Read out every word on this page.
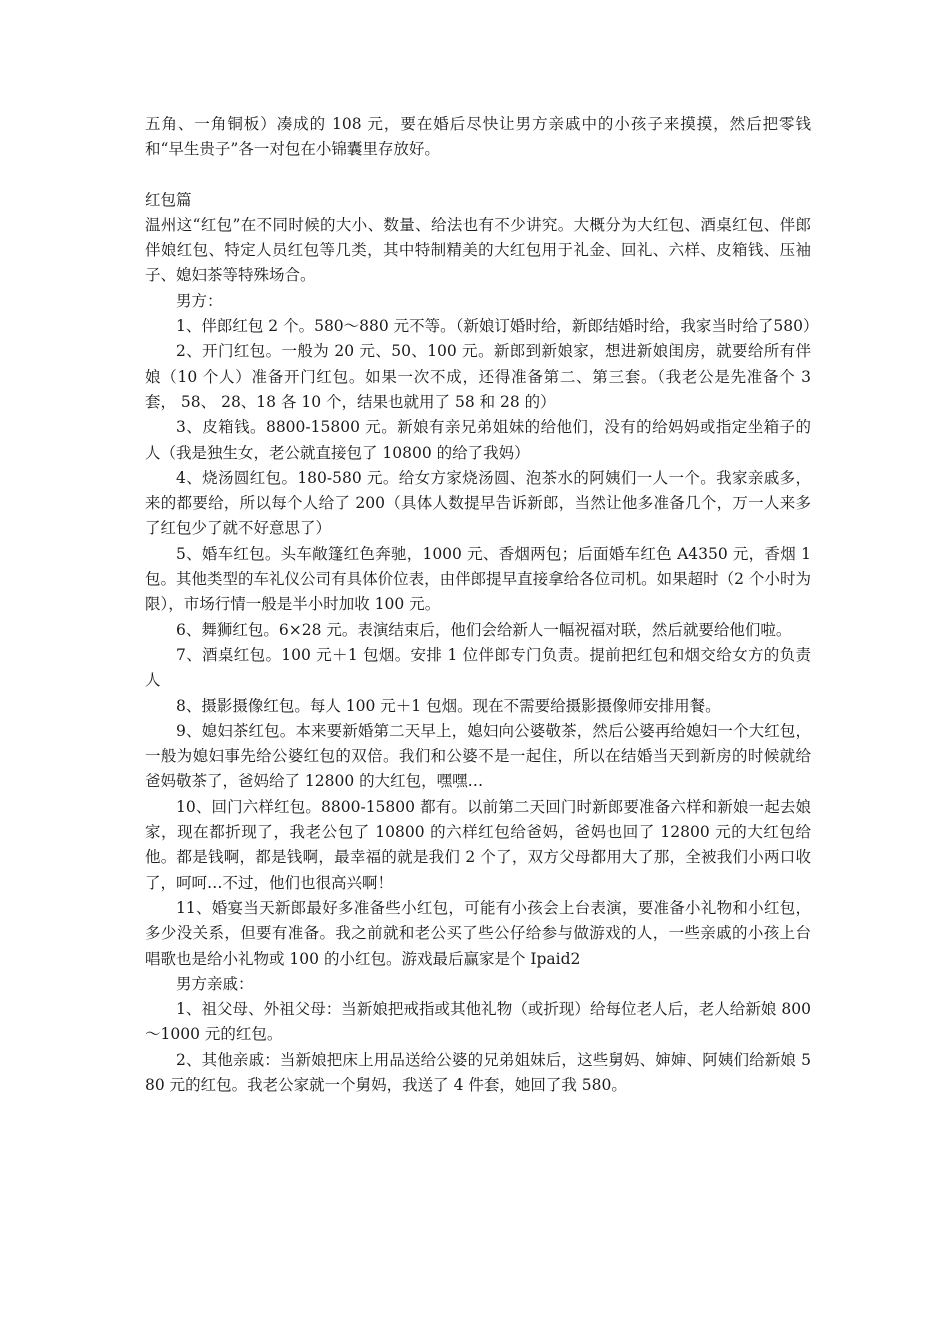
五角、一角铜板）凑成的 108 元，要在婚后尽快让男方亲戚中的小孩子来摸摸，然后把零钱和“早生贵子”各一对包在小锦囊里存放好。

红包篇

温州这“红包”在不同时候的大小、数量、给法也有不少讲究。大概分为大红包、酒桌红包、伴郎伴娘红包、特定人员红包等几类，其中特制精美的大红包用于礼金、回礼、六样、皮箱钱、压袖子、媳妇茶等特殊场合。

男方：

1、伴郎红包 2 个。580～880 元不等。（新娘订婚时给，新郎结婚时给，我家当时给了580）

2、开门红包。一般为 20 元、50、100 元。新郎到新娘家，想进新娘闺房，就要给所有伴娘（10 个人）准备开门红包。如果一次不成，还得准备第二、第三套。（我老公是先准备个 3 套， 58、 28、18 各 10 个，结果也就用了 58 和 28 的）

3、皮箱钱。8800-15800 元。新娘有亲兄弟姐妹的给他们，没有的给妈妈或指定坐箱子的人（我是独生女，老公就直接包了 10800 的给了我妈）

4、烧汤圆红包。180-580 元。给女方家烧汤圆、泡茶水的阿姨们一人一个。我家亲戚多，来的都要给，所以每个人给了 200（具体人数提早告诉新郎，当然让他多准备几个，万一人来多了红包少了就不好意思了）

5、婚车红包。头车敞篷红色奔驰，1000 元、香烟两包；后面婚车红色 A4350 元，香烟 1 包。其他类型的车礼仪公司有具体价位表，由伴郎提早直接拿给各位司机。如果超时（2 个小时为限），市场行情一般是半小时加收 100 元。

6、舞狮红包。6×28 元。表演结束后，他们会给新人一幅祝福对联，然后就要给他们啦。

7、酒桌红包。100 元＋1 包烟。安排 1 位伴郎专门负责。提前把红包和烟交给女方的负责人

8、摄影摄像红包。每人 100 元＋1 包烟。现在不需要给摄影摄像师安排用餐。

9、媳妇茶红包。本来要新婚第二天早上，媳妇向公婆敬茶，然后公婆再给媳妇一个大红包，一般为媳妇事先给公婆红包的双倍。我们和公婆不是一起住，所以在结婚当天到新房的时候就给爸妈敬茶了，爸妈给了 12800 的大红包，嘿嘿…

10、回门六样红包。8800-15800 都有。以前第二天回门时新郎要准备六样和新娘一起去娘家，现在都折现了，我老公包了 10800 的六样红包给爸妈，爸妈也回了 12800 元的大红包给他。都是钱啊，都是钱啊，最幸福的就是我们 2 个了，双方父母都用大了那，全被我们小两口收了，呵呵…不过，他们也很高兴啊！

11、婚宴当天新郎最好多准备些小红包，可能有小孩会上台表演，要准备小礼物和小红包，多少没关系，但要有准备。我之前就和老公买了些公仔给参与做游戏的人，一些亲戚的小孩上台唱歌也是给小礼物或 100 的小红包。游戏最后赢家是个 Ipaid2

男方亲戚：

1、祖父母、外祖父母：当新娘把戒指或其他礼物（或折现）给每位老人后，老人给新娘 800～1000 元的红包。

2、其他亲戚：当新娘把床上用品送给公婆的兄弟姐妹后，这些舅妈、婶婶、阿姨们给新娘 580 元的红包。我老公家就一个舅妈，我送了 4 件套，她回了我 580。
